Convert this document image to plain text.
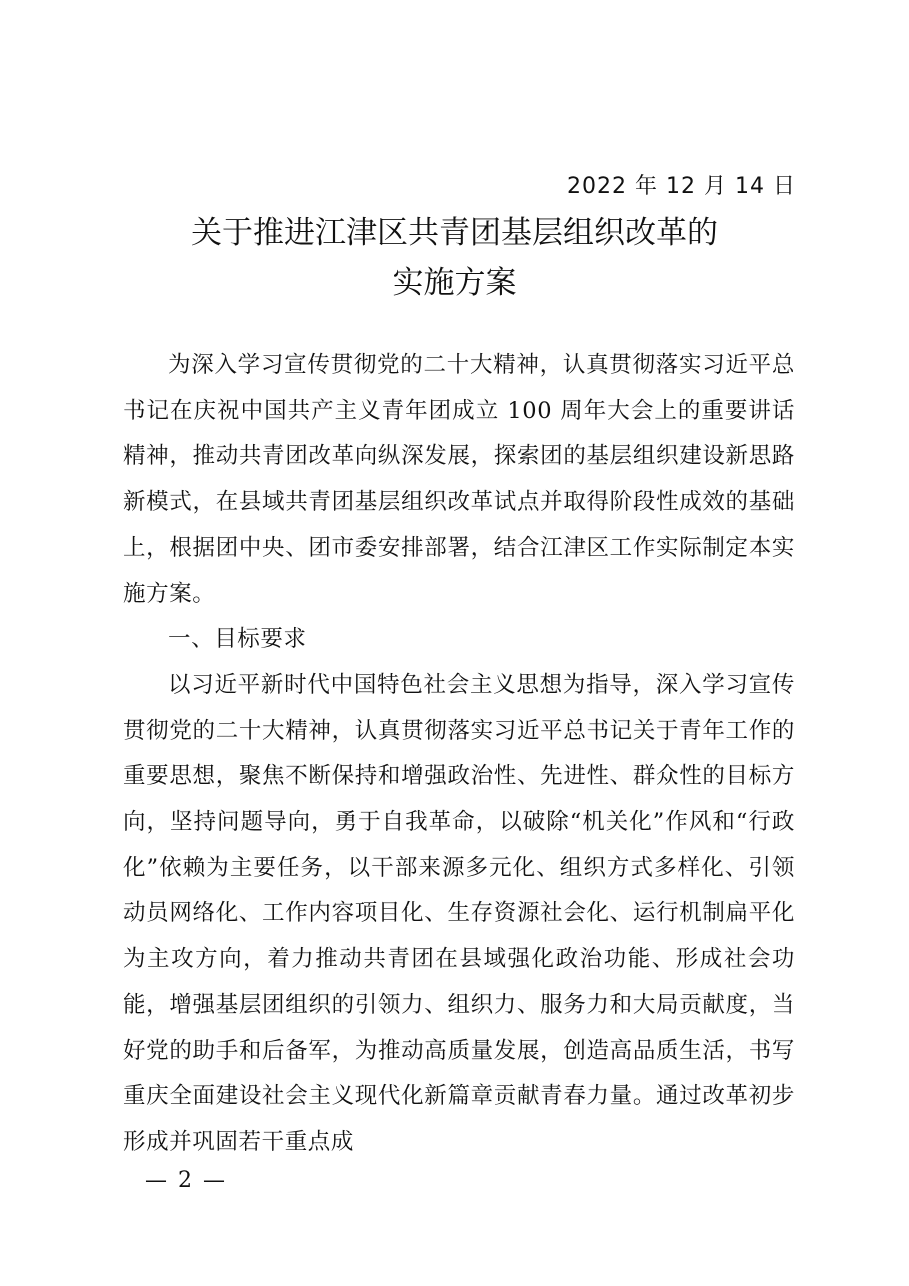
2022 年 12 月 14 日
关于推进江津区共青团基层组织改革的
实施方案

为深入学习宣传贯彻党的二十大精神，认真贯彻落实习近平总书记在庆祝中国共产主义青年团成立 100 周年大会上的重要讲话精神，推动共青团改革向纵深发展，探索团的基层组织建设新思路新模式，在县域共青团基层组织改革试点并取得阶段性成效的基础上，根据团中央、团市委安排部署，结合江津区工作实际制定本实施方案。

一、目标要求

以习近平新时代中国特色社会主义思想为指导，深入学习宣传贯彻党的二十大精神，认真贯彻落实习近平总书记关于青年工作的重要思想，聚焦不断保持和增强政治性、先进性、群众性的目标方向，坚持问题导向，勇于自我革命，以破除“机关化”作风和“行政化”依赖为主要任务，以干部来源多元化、组织方式多样化、引领动员网络化、工作内容项目化、生存资源社会化、运行机制扁平化为主攻方向，着力推动共青团在县域强化政治功能、形成社会功能，增强基层团组织的引领力、组织力、服务力和大局贡献度，当好党的助手和后备军，为推动高质量发展，创造高品质生活，书写重庆全面建设社会主义现代化新篇章贡献青春力量。通过改革初步形成并巩固若干重点成

— 2 —
